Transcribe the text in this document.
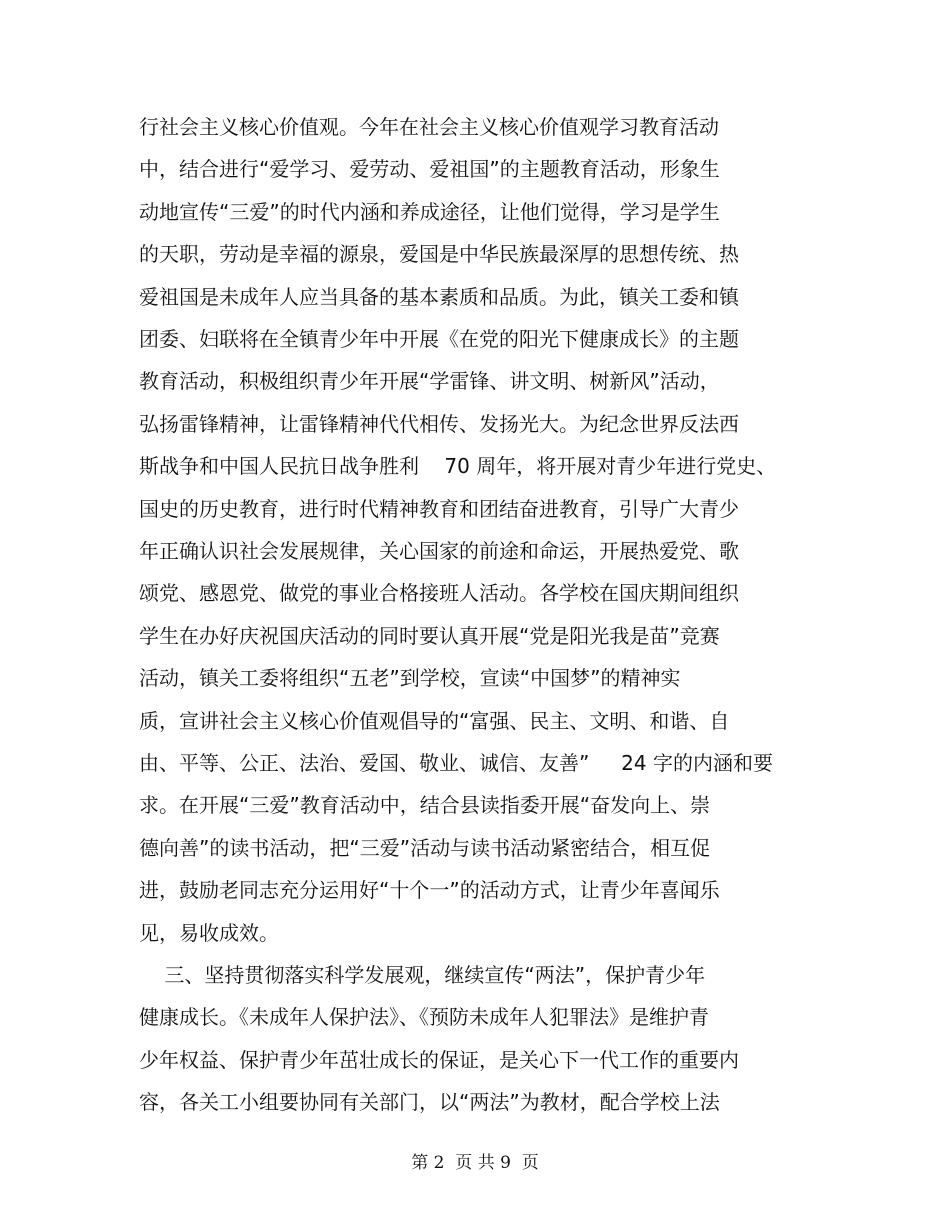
行社会主义核心价值观。今年在社会主义核心价值观学习教育活动
中，结合进行“爱学习、爱劳动、爱祖国”的主题教育活动，形象生
动地宣传“三爱”的时代内涵和养成途径，让他们觉得，学习是学生
的天职，劳动是幸福的源泉，爱国是中华民族最深厚的思想传统、热
爱祖国是未成年人应当具备的基本素质和品质。为此，镇关工委和镇
团委、妇联将在全镇青少年中开展《在党的阳光下健康成长》的主题
教育活动，积极组织青少年开展“学雷锋、讲文明、树新风”活动，
弘扬雷锋精神，让雷锋精神代代相传、发扬光大。为纪念世界反法西
斯战争和中国人民抗日战争胜利    70 周年，将开展对青少年进行党史、
国史的历史教育，进行时代精神教育和团结奋进教育，引导广大青少
年正确认识社会发展规律，关心国家的前途和命运，开展热爱党、歌
颂党、感恩党、做党的事业合格接班人活动。各学校在国庆期间组织
学生在办好庆祝国庆活动的同时要认真开展“党是阳光我是苗”竞赛
活动，镇关工委将组织“五老”到学校，宣读“中国梦”的精神实
质，宣讲社会主义核心价值观倡导的“富强、民主、文明、和谐、自
由、平等、公正、法治、爱国、敬业、诚信、友善”     24 字的内涵和要
求。在开展“三爱”教育活动中，结合县读指委开展“奋发向上、崇
德向善”的读书活动，把“三爱”活动与读书活动紧密结合，相互促
进，鼓励老同志充分运用好“十个一”的活动方式，让青少年喜闻乐
见，易收成效。
三、坚持贯彻落实科学发展观，继续宣传“两法”，保护青少年
健康成长。《未成年人保护法》、《预防未成年人犯罪法》是维护青
少年权益、保护青少年茁壮成长的保证，是关心下一代工作的重要内
容，各关工小组要协同有关部门，以“两法”为教材，配合学校上法
第 2  页 共 9  页
